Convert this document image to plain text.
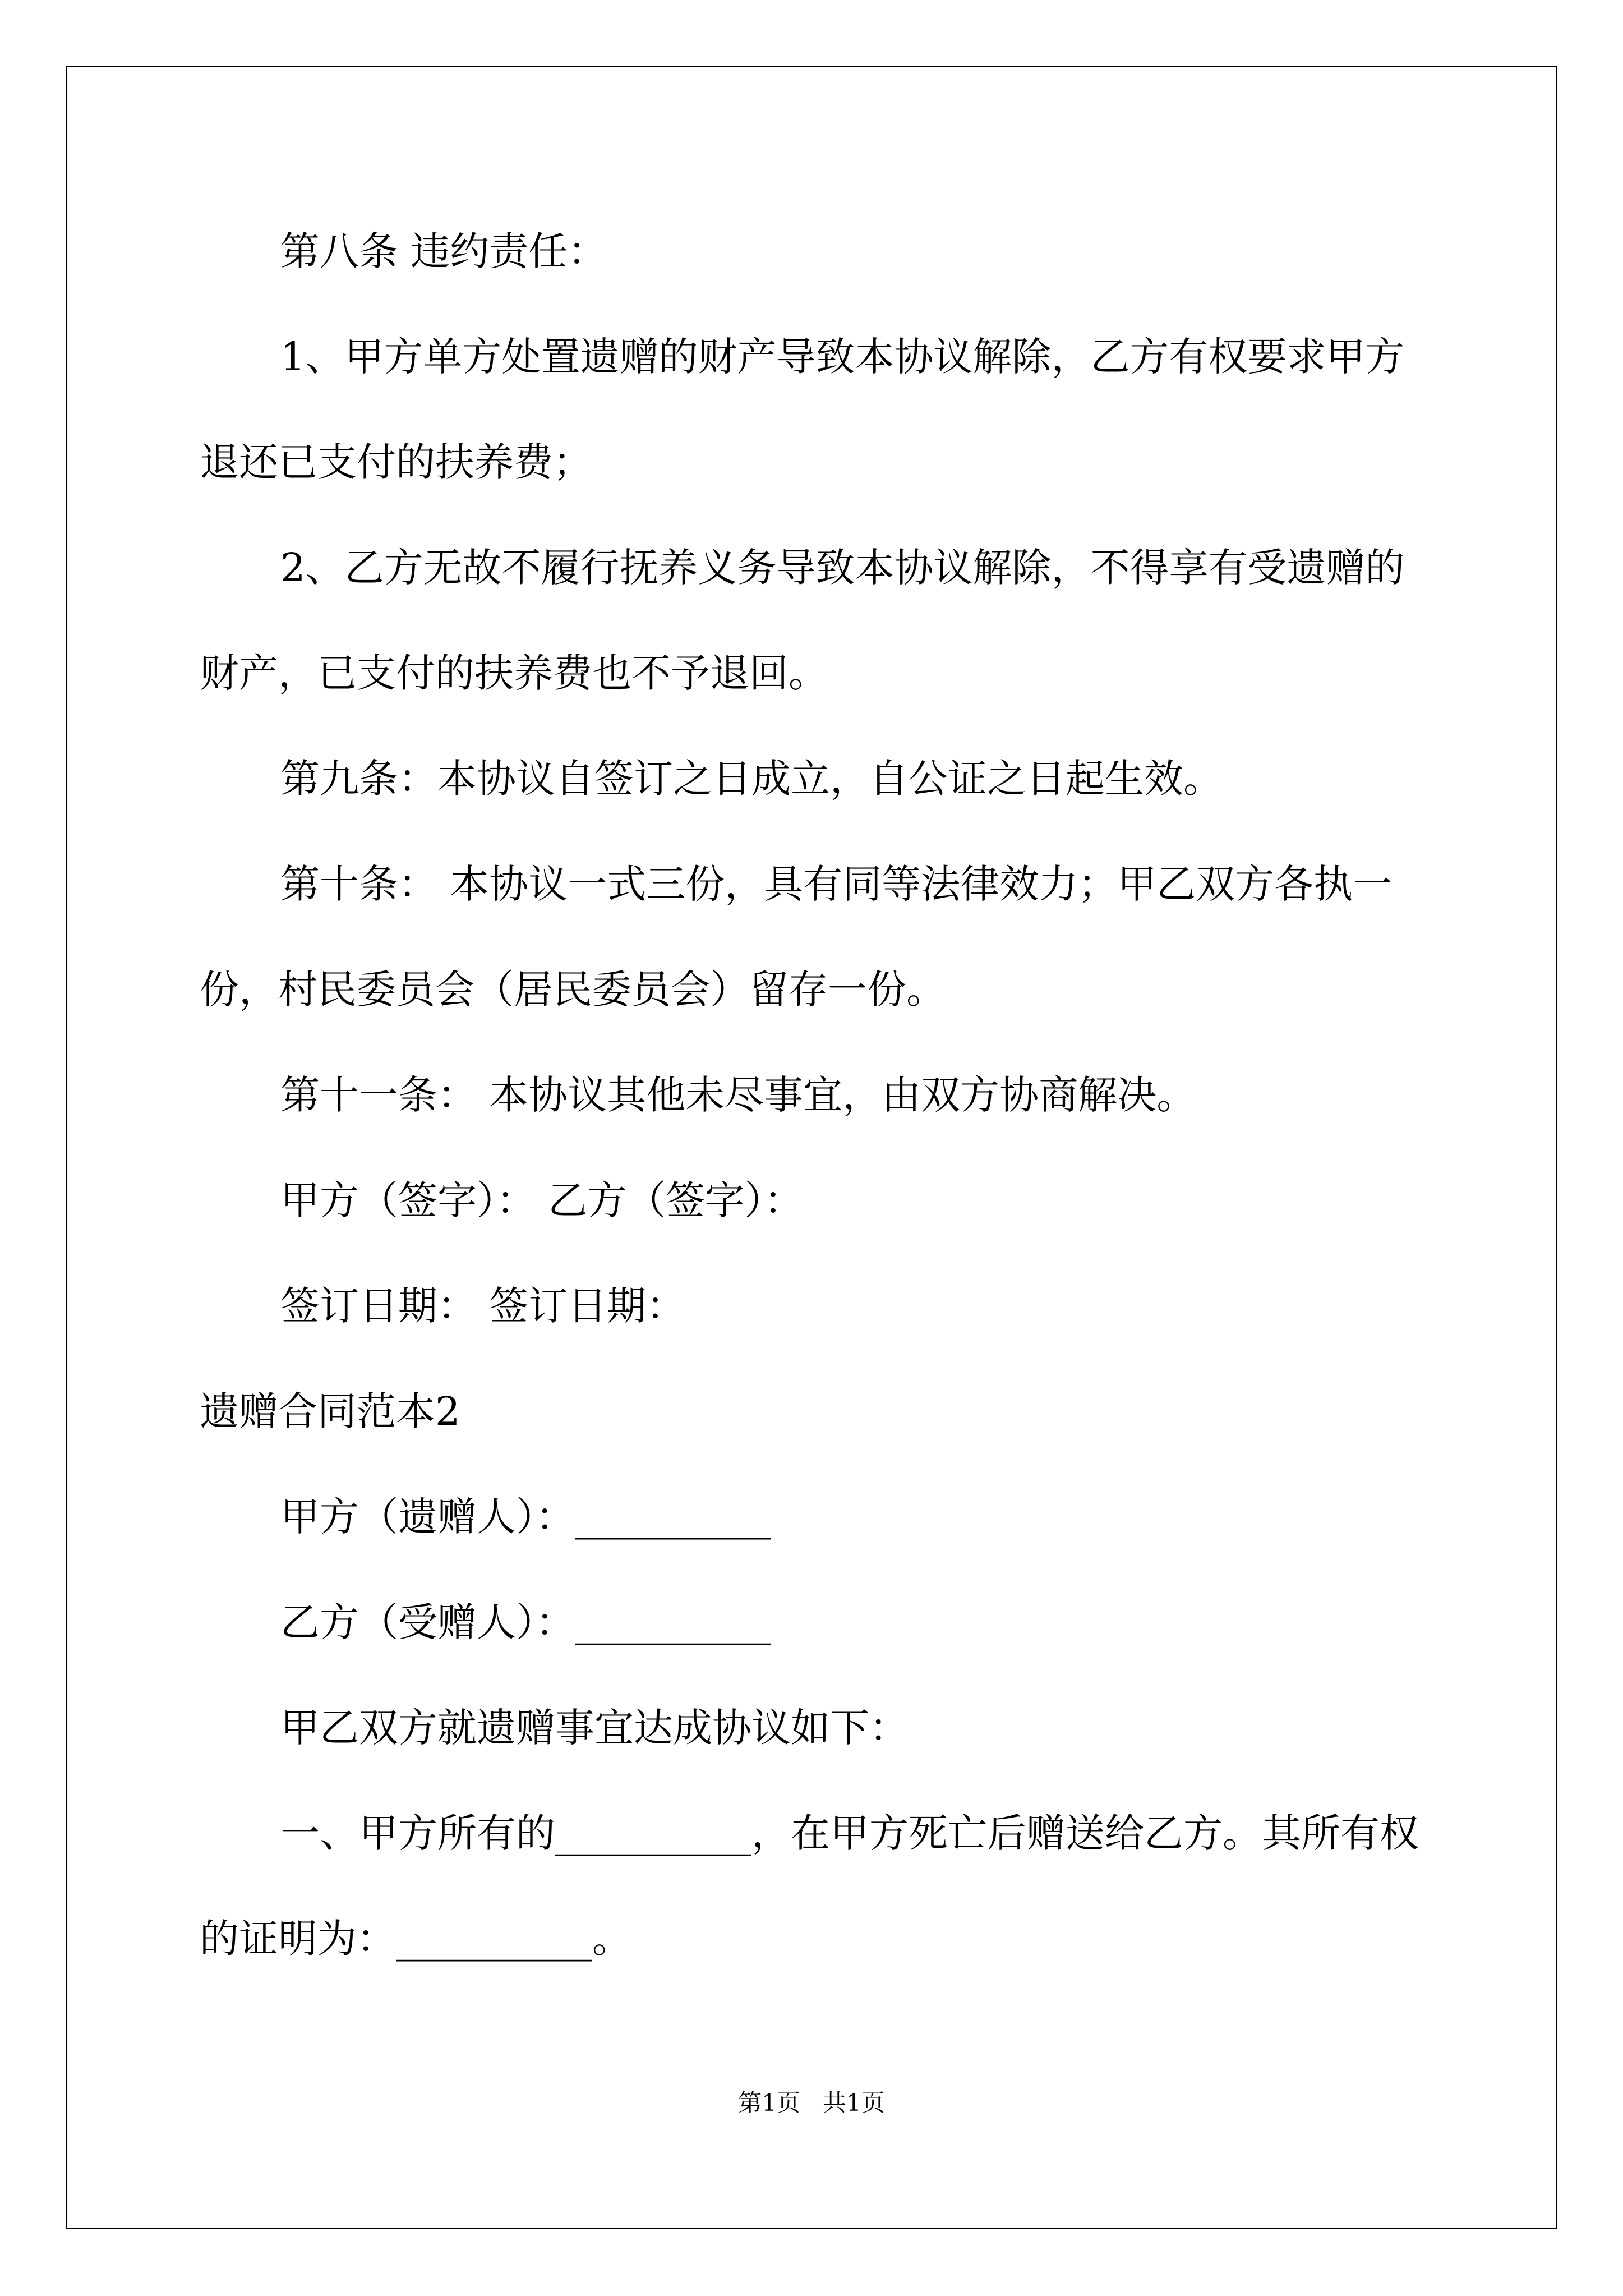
第八条 违约责任：
1、甲方单方处置遗赠的财产导致本协议解除，乙方有权要求甲方
退还已支付的扶养费；
2、乙方无故不履行抚养义务导致本协议解除，不得享有受遗赠的
财产，已支付的扶养费也不予退回。
第九条：本协议自签订之日成立，自公证之日起生效。
第十条： 本协议一式三份，具有同等法律效力；甲乙双方各执一
份，村民委员会（居民委员会）留存一份。
第十一条： 本协议其他未尽事宜，由双方协商解决。
甲方（签字）： 乙方（签字）：
签订日期： 签订日期：
遗赠合同范本2
甲方（遗赠人）：__________
乙方（受赠人）：__________
甲乙双方就遗赠事宜达成协议如下：
一、甲方所有的__________，在甲方死亡后赠送给乙方。其所有权
的证明为：__________。
第1页   共1页
